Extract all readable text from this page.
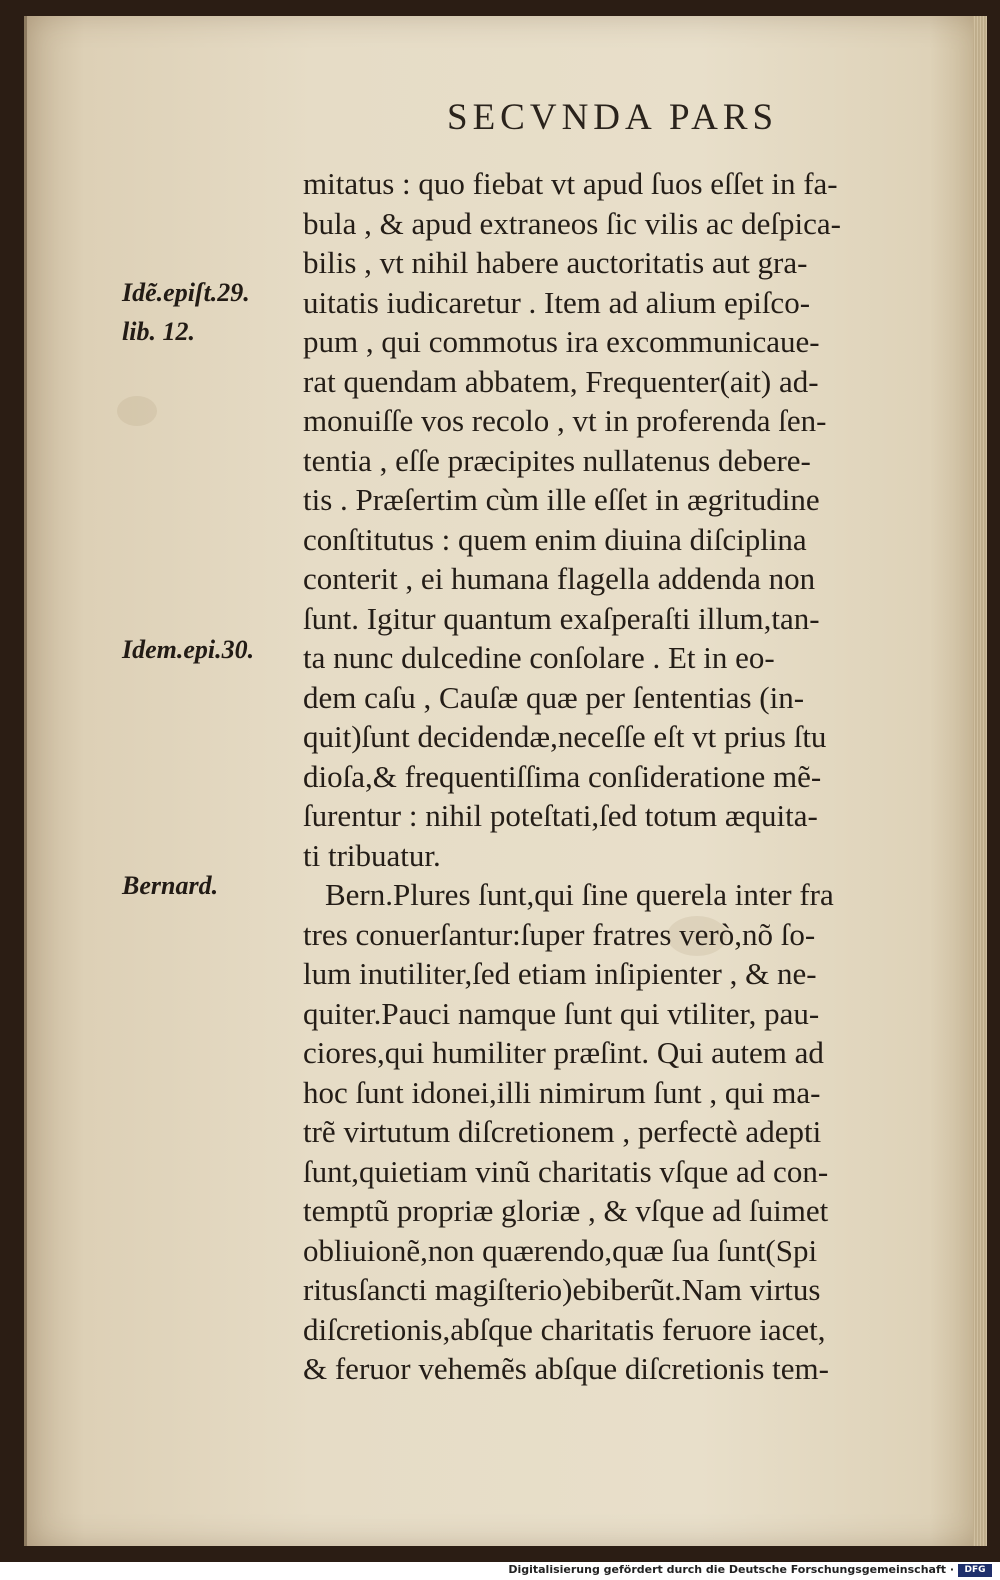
SECVNDA PARS
Idẽ.epiſt.29.
lib. 12.
Idem.epi.30.
Bernard.
mitatus : quo fiebat vt apud ſuos eſſet in fa-
bula , & apud extraneos ſic vilis ac deſpica-
bilis , vt nihil habere auctoritatis aut gra-
uitatis iudicaretur . Item ad alium epiſco-
pum , qui commotus ira excommunicaue-
rat quendam abbatem, Frequenter(ait) ad-
monuiſſe vos recolo , vt in proferenda ſen-
tentia , eſſe præcipites nullatenus debere-
tis . Præſertim cùm ille eſſet in ægritudine
conſtitutus : quem enim diuina diſciplina
conterit , ei humana flagella addenda non
ſunt. Igitur quantum exaſperaſti illum,tan-
ta nunc dulcedine conſolare . Et in eo-
dem caſu , Cauſæ quæ per ſententias (in-
quit)ſunt decidendæ,neceſſe eſt vt prius ſtu
dioſa,& frequentiſſima conſideratione mẽ-
ſurentur : nihil poteſtati,ſed totum æquita-
ti tribuatur.
Bern.Plures ſunt,qui ſine querela inter fra
tres conuerſantur:ſuper fratres verò,nõ ſo-
lum inutiliter,ſed etiam inſipienter , & ne-
quiter.Pauci namque ſunt qui vtiliter, pau-
ciores,qui humiliter præſint. Qui autem ad
hoc ſunt idonei,illi nimirum ſunt , qui ma-
trẽ virtutum diſcretionem , perfectè adepti
ſunt,quietiam vinũ charitatis vſque ad con-
temptũ propriæ gloriæ , & vſque ad ſuimet
obliuionẽ,non quærendo,quæ ſua ſunt(Spi
ritusſancti magiſterio)ebiberũt.Nam virtus
diſcretionis,abſque charitatis feruore iacet,
& feruor vehemẽs abſque diſcretionis tem-
Digitalisierung gefördert durch die Deutsche Forschungsgemeinschaft ·	DFG
